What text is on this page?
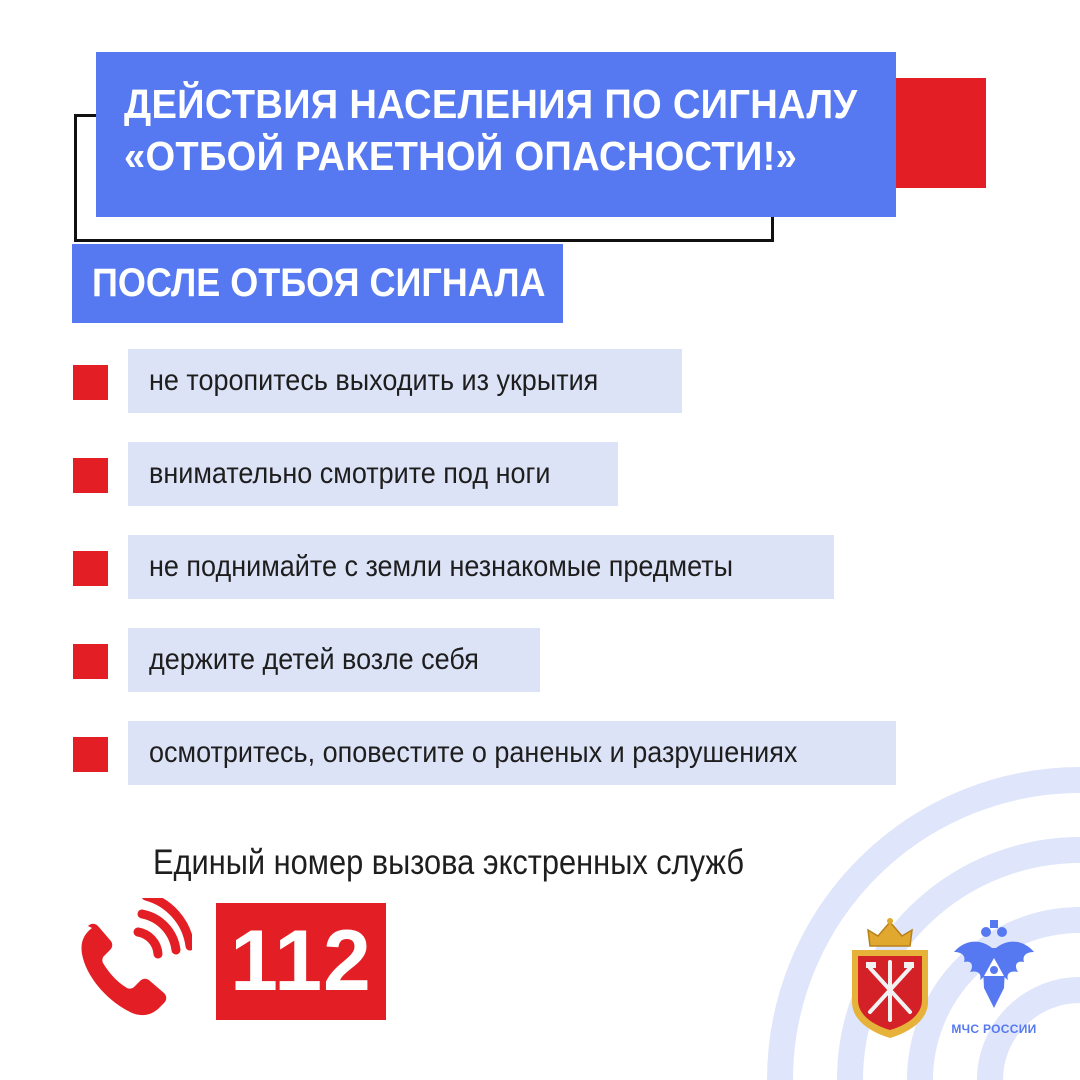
ДЕЙСТВИЯ НАСЕЛЕНИЯ ПО СИГНАЛУ
«ОТБОЙ РАКЕТНОЙ ОПАСНОСТИ!»
ПОСЛЕ ОТБОЯ СИГНАЛА
не торопитесь выходить из укрытия
внимательно смотрите под ноги
не поднимайте с земли незнакомые предметы
держите детей возле себя
осмотритесь, оповестите о раненых и разрушениях
Единый номер вызова экстренных служб
112
МЧС РОССИИ
